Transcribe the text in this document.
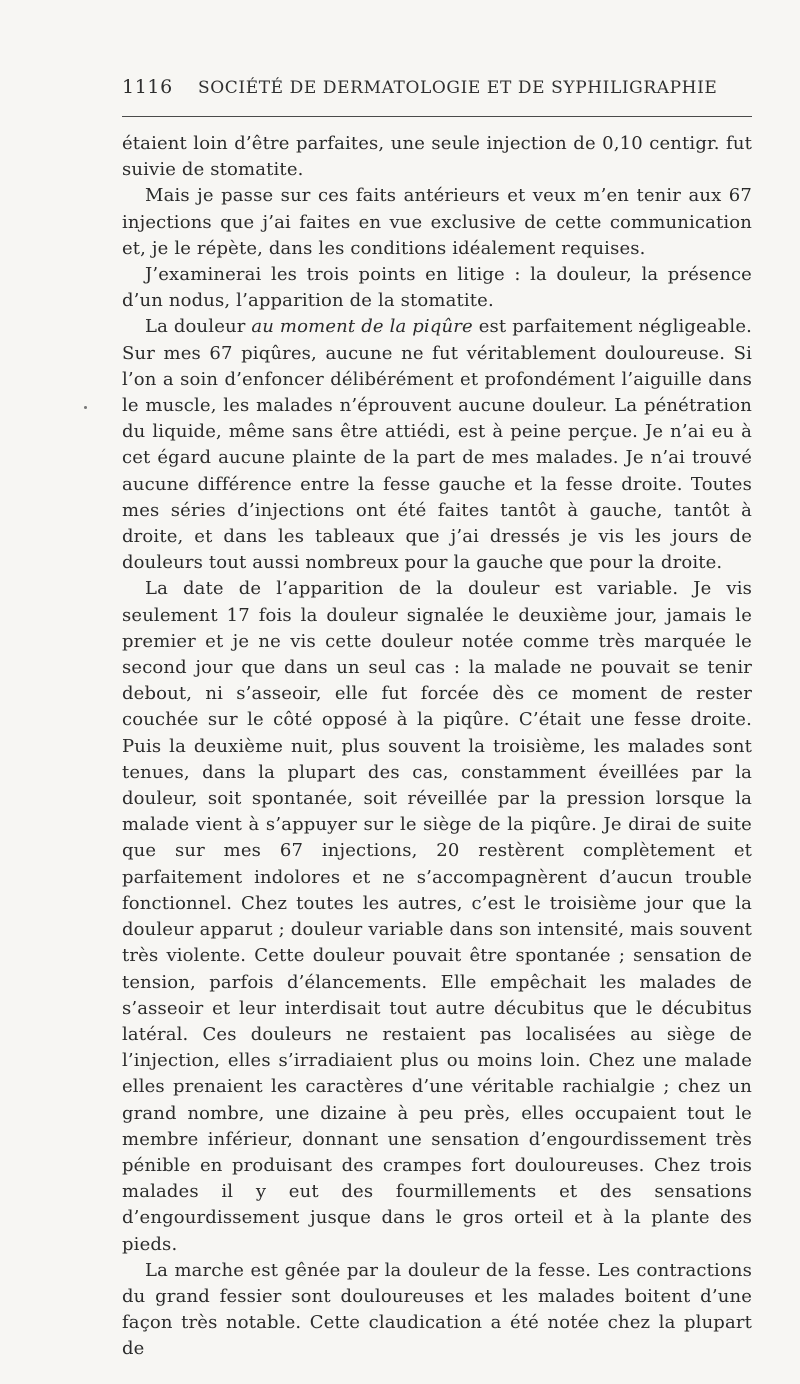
1116 SOCIÉTÉ DE DERMATOLOGIE ET DE SYPHILIGRAPHIE

étaient loin d’être parfaites, une seule injection de 0,10 centigr. fut suivie de stomatite.

Mais je passe sur ces faits antérieurs et veux m’en tenir aux 67 injections que j’ai faites en vue exclusive de cette communication et, je le répète, dans les conditions idéalement requises.

J’examinerai les trois points en litige : la douleur, la présence d’un nodus, l’apparition de la stomatite.

La douleur au moment de la piqûre est parfaitement négligeable. Sur mes 67 piqûres, aucune ne fut véritablement douloureuse. Si l’on a soin d’enfoncer délibérément et profondément l’aiguille dans le muscle, les malades n’éprouvent aucune douleur. La pénétration du liquide, même sans être attiédi, est à peine perçue. Je n’ai eu à cet égard aucune plainte de la part de mes malades. Je n’ai trouvé aucune différence entre la fesse gauche et la fesse droite. Toutes mes séries d’injections ont été faites tantôt à gauche, tantôt à droite, et dans les tableaux que j’ai dressés je vis les jours de douleurs tout aussi nombreux pour la gauche que pour la droite.

La date de l’apparition de la douleur est variable. Je vis seulement 17 fois la douleur signalée le deuxième jour, jamais le premier et je ne vis cette douleur notée comme très marquée le second jour que dans un seul cas : la malade ne pouvait se tenir debout, ni s’asseoir, elle fut forcée dès ce moment de rester couchée sur le côté opposé à la piqûre. C’était une fesse droite. Puis la deuxième nuit, plus souvent la troisième, les malades sont tenues, dans la plupart des cas, constamment éveillées par la douleur, soit spontanée, soit réveillée par la pression lorsque la malade vient à s’appuyer sur le siège de la piqûre. Je dirai de suite que sur mes 67 injections, 20 restèrent complètement et parfaitement indolores et ne s’accompagnèrent d’aucun trouble fonctionnel. Chez toutes les autres, c’est le troisième jour que la douleur apparut ; douleur variable dans son intensité, mais souvent très violente. Cette douleur pouvait être spontanée ; sensation de tension, parfois d’élancements. Elle empêchait les malades de s’asseoir et leur interdisait tout autre décubitus que le décubitus latéral. Ces douleurs ne restaient pas localisées au siège de l’injection, elles s’irradiaient plus ou moins loin. Chez une malade elles prenaient les caractères d’une véritable rachialgie ; chez un grand nombre, une dizaine à peu près, elles occupaient tout le membre inférieur, donnant une sensation d’engourdissement très pénible en produisant des crampes fort douloureuses. Chez trois malades il y eut des fourmillements et des sensations d’engourdissement jusque dans le gros orteil et à la plante des pieds.

La marche est gênée par la douleur de la fesse. Les contractions du grand fessier sont douloureuses et les malades boitent d’une façon très notable. Cette claudication a été notée chez la plupart de
